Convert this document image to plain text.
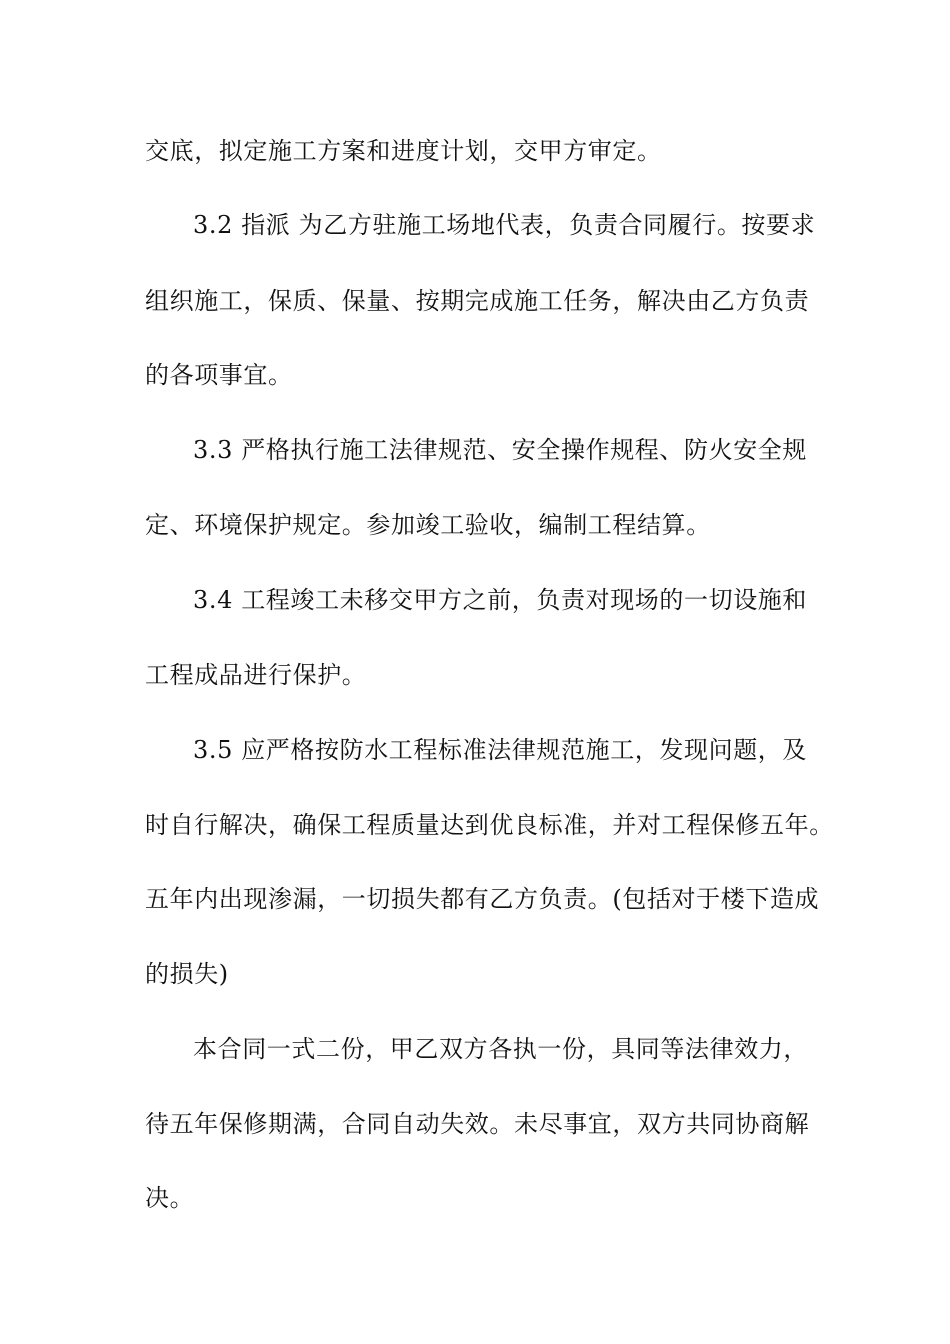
交底，拟定施工方案和进度计划，交甲方审定。
3.2 指派 为乙方驻施工场地代表，负责合同履行。按要求
组织施工，保质、保量、按期完成施工任务，解决由乙方负责
的各项事宜。
3.3 严格执行施工法律规范、安全操作规程、防火安全规
定、环境保护规定。参加竣工验收，编制工程结算。
3.4 工程竣工未移交甲方之前，负责对现场的一切设施和
工程成品进行保护。
3.5 应严格按防水工程标准法律规范施工，发现问题，及
时自行解决，确保工程质量达到优良标准，并对工程保修五年。
五年内出现渗漏，一切损失都有乙方负责。(包括对于楼下造成
的损失)
本合同一式二份，甲乙双方各执一份，具同等法律效力，
待五年保修期满，合同自动失效。未尽事宜，双方共同协商解
决。
